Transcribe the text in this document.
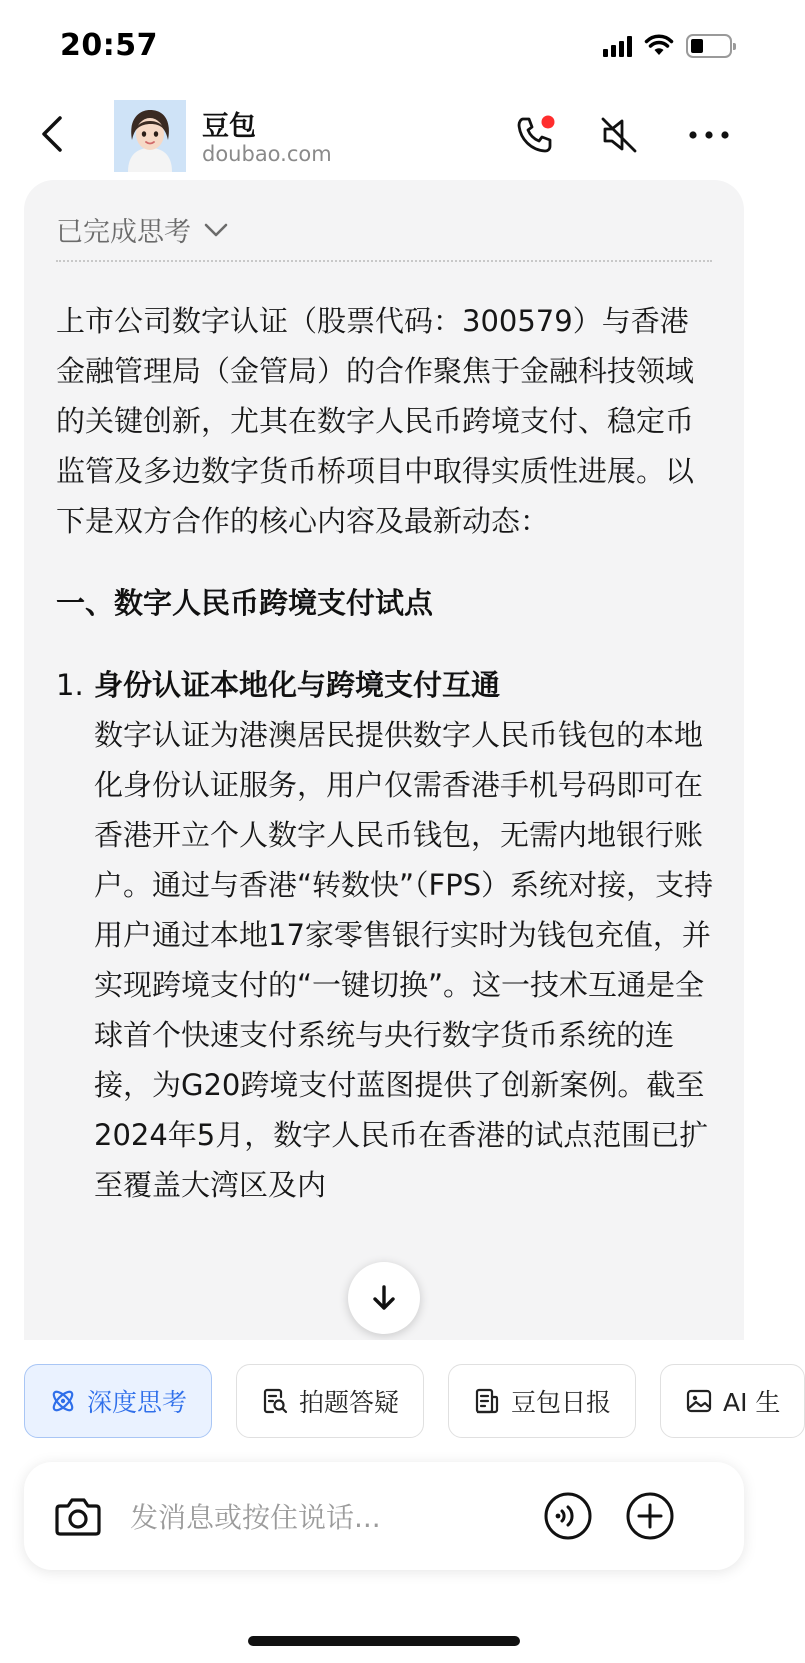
20:57
豆包
doubao.com
已完成思考

上市公司数字认证（股票代码：300579）与香港金融管理局（金管局）的合作聚焦于金融科技领域的关键创新，尤其在数字人民币跨境支付、稳定币监管及多边数字货币桥项目中取得实质性进展。以下是双方合作的核心内容及最新动态：

一、数字人民币跨境支付试点
1. 身份认证本地化与跨境支付互通
数字认证为港澳居民提供数字人民币钱包的本地化身份认证服务，用户仅需香港手机号码即可在香港开立个人数字人民币钱包，无需内地银行账户。通过与香港“转数快”（FPS）系统对接，支持用户通过本地17家零售银行实时为钱包充值，并实现跨境支付的“一键切换”。这一技术互通是全球首个快速支付系统与央行数字货币系统的连接，为G20跨境支付蓝图提供了创新案例。截至2024年5月，数字人民币在香港的试点范围已扩至覆盖大湾区及内
深度思考	拍题答疑	豆包日报	AI 生
发消息或按住说话...
